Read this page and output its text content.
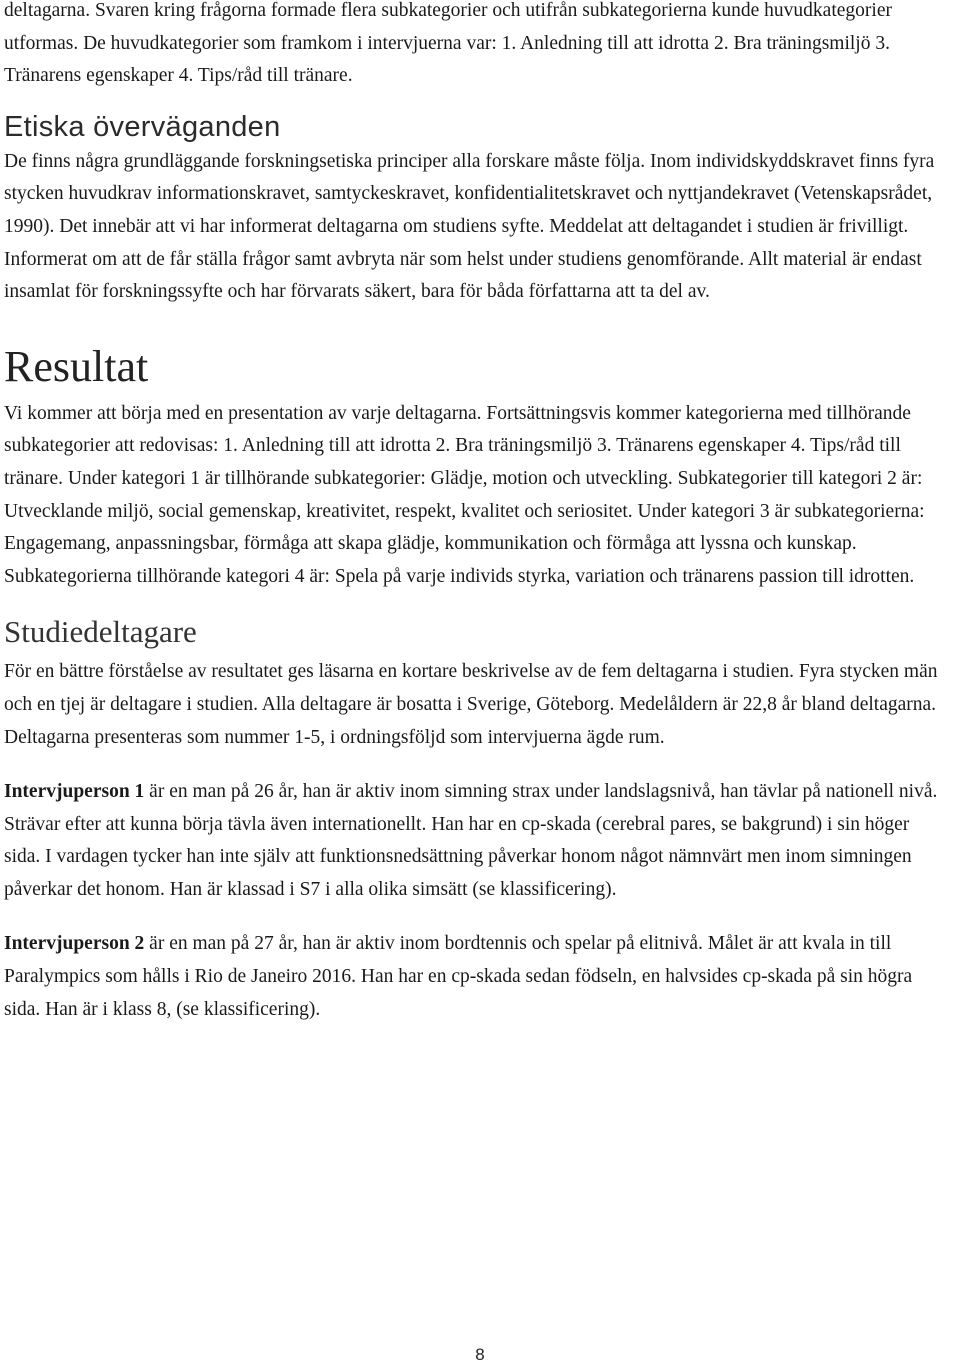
deltagarna. Svaren kring frågorna formade flera subkategorier och utifrån subkategorierna kunde huvudkategorier utformas. De huvudkategorier som framkom i intervjuerna var: 1. Anledning till att idrotta 2. Bra träningsmiljö 3. Tränarens egenskaper 4. Tips/råd till tränare.

Etiska överväganden

De finns några grundläggande forskningsetiska principer alla forskare måste följa. Inom individskyddskravet finns fyra stycken huvudkrav informationskravet, samtyckeskravet, konfidentialitetskravet och nyttjandekravet (Vetenskapsrådet, 1990). Det innebär att vi har informerat deltagarna om studiens syfte. Meddelat att deltagandet i studien är frivilligt. Informerat om att de får ställa frågor samt avbryta när som helst under studiens genomförande. Allt material är endast insamlat för forskningssyfte och har förvarats säkert, bara för båda författarna att ta del av.

Resultat

Vi kommer att börja med en presentation av varje deltagarna. Fortsättningsvis kommer kategorierna med tillhörande subkategorier att redovisas: 1. Anledning till att idrotta 2. Bra träningsmiljö 3. Tränarens egenskaper 4. Tips/råd till tränare. Under kategori 1 är tillhörande subkategorier: Glädje, motion och utveckling. Subkategorier till kategori 2 är: Utvecklande miljö, social gemenskap, kreativitet, respekt, kvalitet och seriositet. Under kategori 3 är subkategorierna: Engagemang, anpassningsbar, förmåga att skapa glädje, kommunikation och förmåga att lyssna och kunskap. Subkategorierna tillhörande kategori 4 är: Spela på varje individs styrka, variation och tränarens passion till idrotten.

Studiedeltagare

För en bättre förståelse av resultatet ges läsarna en kortare beskrivelse av de fem deltagarna i studien. Fyra stycken män och en tjej är deltagare i studien. Alla deltagare är bosatta i Sverige, Göteborg. Medelåldern är 22,8 år bland deltagarna. Deltagarna presenteras som nummer 1-5, i ordningsföljd som intervjuerna ägde rum.

Intervjuperson 1 är en man på 26 år, han är aktiv inom simning strax under landslagsnivå, han tävlar på nationell nivå. Strävar efter att kunna börja tävla även internationellt. Han har en cp-skada (cerebral pares, se bakgrund) i sin höger sida. I vardagen tycker han inte själv att funktionsnedsättning påverkar honom något nämnvärt men inom simningen påverkar det honom. Han är klassad i S7 i alla olika simsätt (se klassificering).

Intervjuperson 2 är en man på 27 år, han är aktiv inom bordtennis och spelar på elitnivå. Målet är att kvala in till Paralympics som hålls i Rio de Janeiro 2016. Han har en cp-skada sedan födseln, en halvsides cp-skada på sin högra sida. Han är i klass 8, (se klassificering).

8
